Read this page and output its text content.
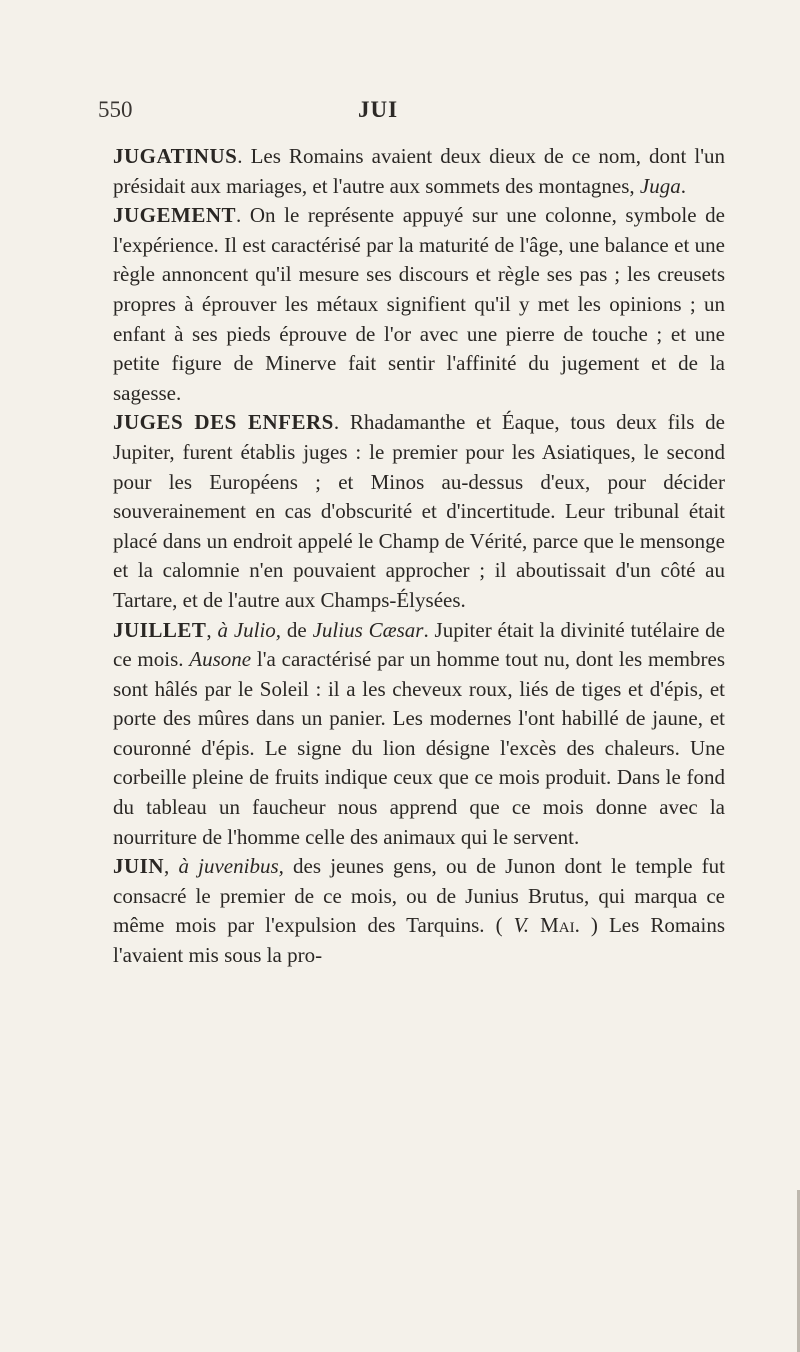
550	JUI

JUGATINUS. Les Romains avaient deux dieux de ce nom, dont l'un présidait aux mariages, et l'autre aux sommets des montagnes, Juga.

JUGEMENT. On le représente appuyé sur une colonne, symbole de l'expérience. Il est caractérisé par la maturité de l'âge, une balance et une règle annoncent qu'il mesure ses discours et règle ses pas ; les creusets propres à éprouver les métaux signifient qu'il y met les opinions ; un enfant à ses pieds éprouve de l'or avec une pierre de touche ; et une petite figure de Minerve fait sentir l'affinité du jugement et de la sagesse.

JUGES DES ENFERS. Rhadamanthe et Éaque, tous deux fils de Jupiter, furent établis juges : le premier pour les Asiatiques, le second pour les Européens ; et Minos au-dessus d'eux, pour décider souverainement en cas d'obscurité et d'incertitude. Leur tribunal était placé dans un endroit appelé le Champ de Vérité, parce que le mensonge et la calomnie n'en pouvaient approcher ; il aboutissait d'un côté au Tartare, et de l'autre aux Champs-Élysées.

JUILLET, à Julio, de Julius Cæsar. Jupiter était la divinité tutélaire de ce mois. Ausone l'a caractérisé par un homme tout nu, dont les membres sont hâlés par le Soleil : il a les cheveux roux, liés de tiges et d'épis, et porte des mûres dans un panier. Les modernes l'ont habillé de jaune, et couronné d'épis. Le signe du lion désigne l'excès des chaleurs. Une corbeille pleine de fruits indique ceux que ce mois produit. Dans le fond du tableau un faucheur nous apprend que ce mois donne avec la nourriture de l'homme celle des animaux qui le servent.

JUIN, à juvenibus, des jeunes gens, ou de Junon dont le temple fut consacré le premier de ce mois, ou de Junius Brutus, qui marqua ce même mois par l'expulsion des Tarquins. ( V. Mai. ) Les Romains l'avaient mis sous la pro-
